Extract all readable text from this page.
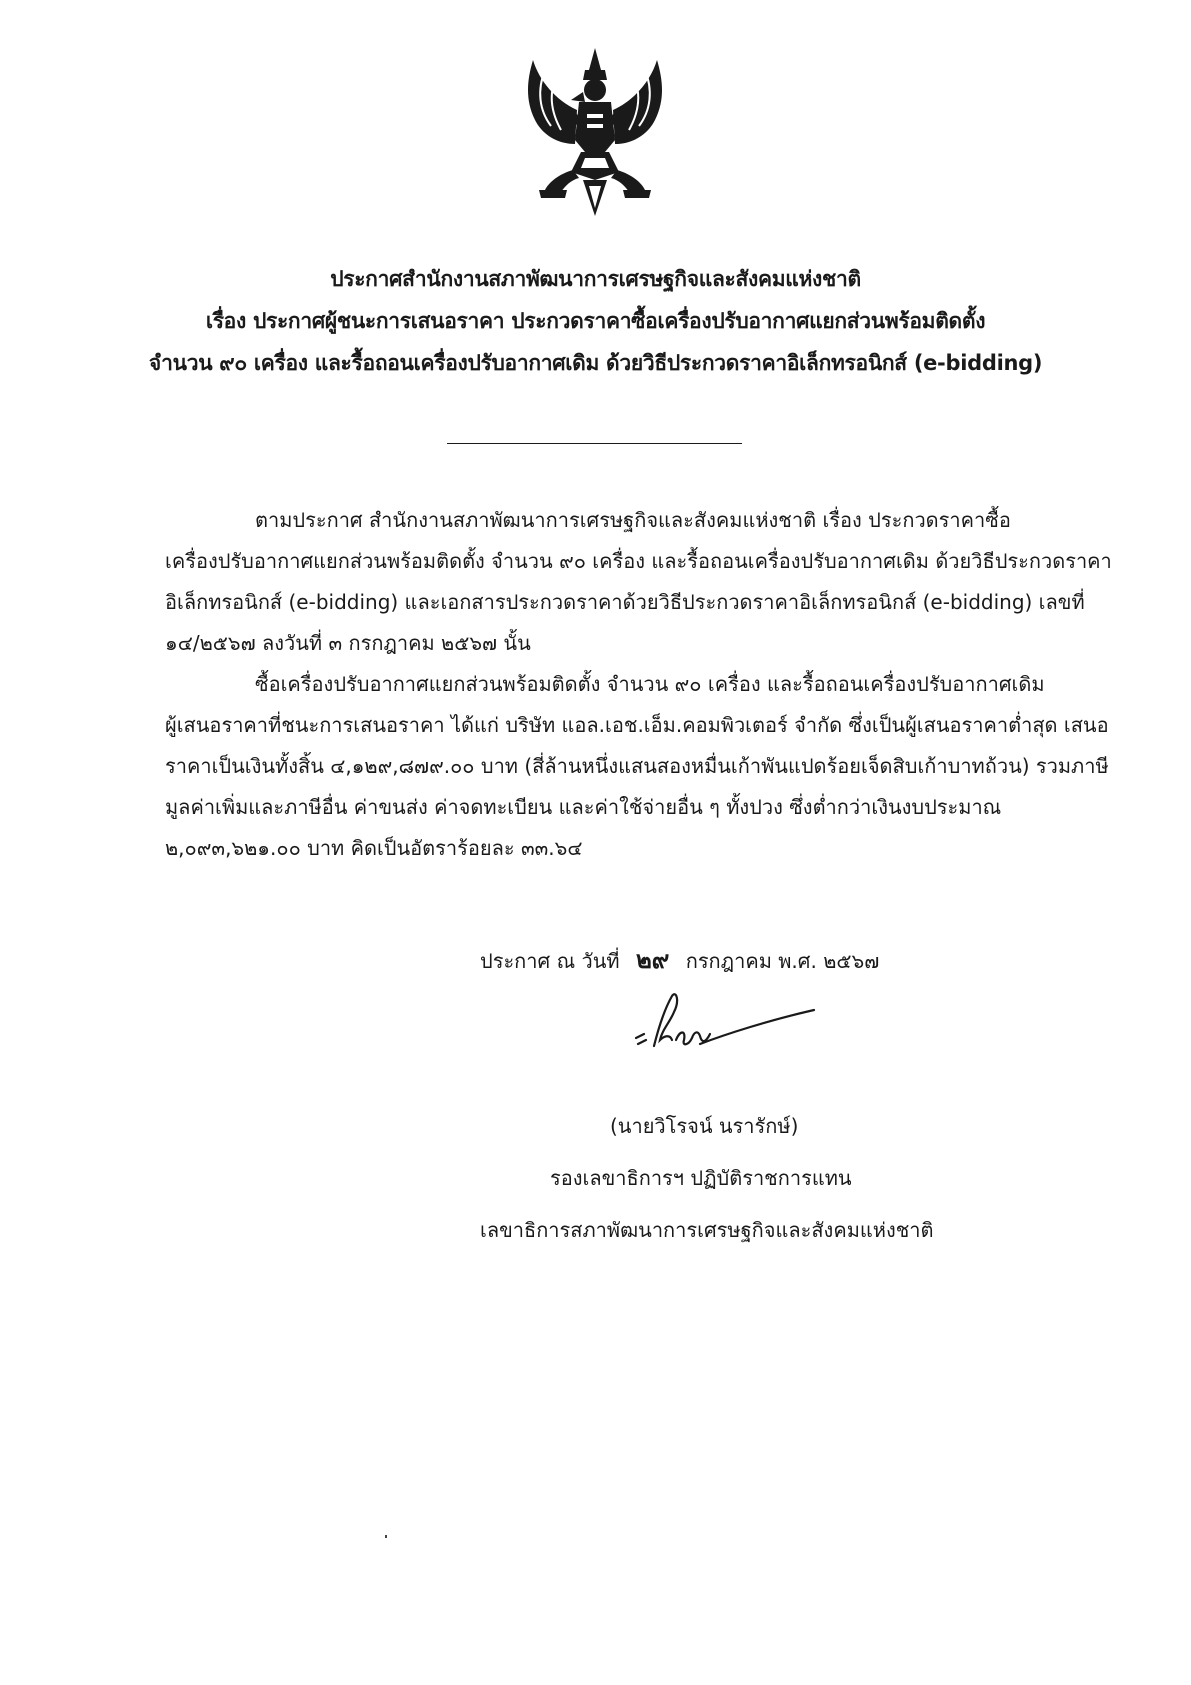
ประกาศสำนักงานสภาพัฒนาการเศรษฐกิจและสังคมแห่งชาติ
เรื่อง ประกาศผู้ชนะการเสนอราคา ประกวดราคาซื้อเครื่องปรับอากาศแยกส่วนพร้อมติดตั้ง
จำนวน ๙๐ เครื่อง และรื้อถอนเครื่องปรับอากาศเดิม ด้วยวิธีประกวดราคาอิเล็กทรอนิกส์ (e-bidding)
ตามประกาศ สำนักงานสภาพัฒนาการเศรษฐกิจและสังคมแห่งชาติ เรื่อง ประกวดราคาซื้อ
เครื่องปรับอากาศแยกส่วนพร้อมติดตั้ง จำนวน ๙๐ เครื่อง และรื้อถอนเครื่องปรับอากาศเดิม ด้วยวิธีประกวดราคา
อิเล็กทรอนิกส์ (e-bidding) และเอกสารประกวดราคาด้วยวิธีประกวดราคาอิเล็กทรอนิกส์ (e-bidding) เลขที่
๑๔/๒๕๖๗ ลงวันที่ ๓ กรกฎาคม ๒๕๖๗ นั้น
ซื้อเครื่องปรับอากาศแยกส่วนพร้อมติดตั้ง จำนวน ๙๐ เครื่อง และรื้อถอนเครื่องปรับอากาศเดิม
ผู้เสนอราคาที่ชนะการเสนอราคา ได้แก่ บริษัท แอล.เอช.เอ็ม.คอมพิวเตอร์ จำกัด ซึ่งเป็นผู้เสนอราคาต่ำสุด เสนอ
ราคาเป็นเงินทั้งสิ้น ๔,๑๒๙,๘๗๙.๐๐ บาท (สี่ล้านหนึ่งแสนสองหมื่นเก้าพันแปดร้อยเจ็ดสิบเก้าบาทถ้วน) รวมภาษี
มูลค่าเพิ่มและภาษีอื่น ค่าขนส่ง ค่าจดทะเบียน และค่าใช้จ่ายอื่น ๆ ทั้งปวง ซึ่งต่ำกว่าเงินงบประมาณ
๒,๐๙๓,๖๒๑.๐๐ บาท คิดเป็นอัตราร้อยละ ๓๓.๖๔
ประกาศ ณ วันที่ ๒๙ กรกฎาคม พ.ศ. ๒๕๖๗
(นายวิโรจน์ นรารักษ์)
รองเลขาธิการฯ ปฏิบัติราชการแทน
เลขาธิการสภาพัฒนาการเศรษฐกิจและสังคมแห่งชาติ
